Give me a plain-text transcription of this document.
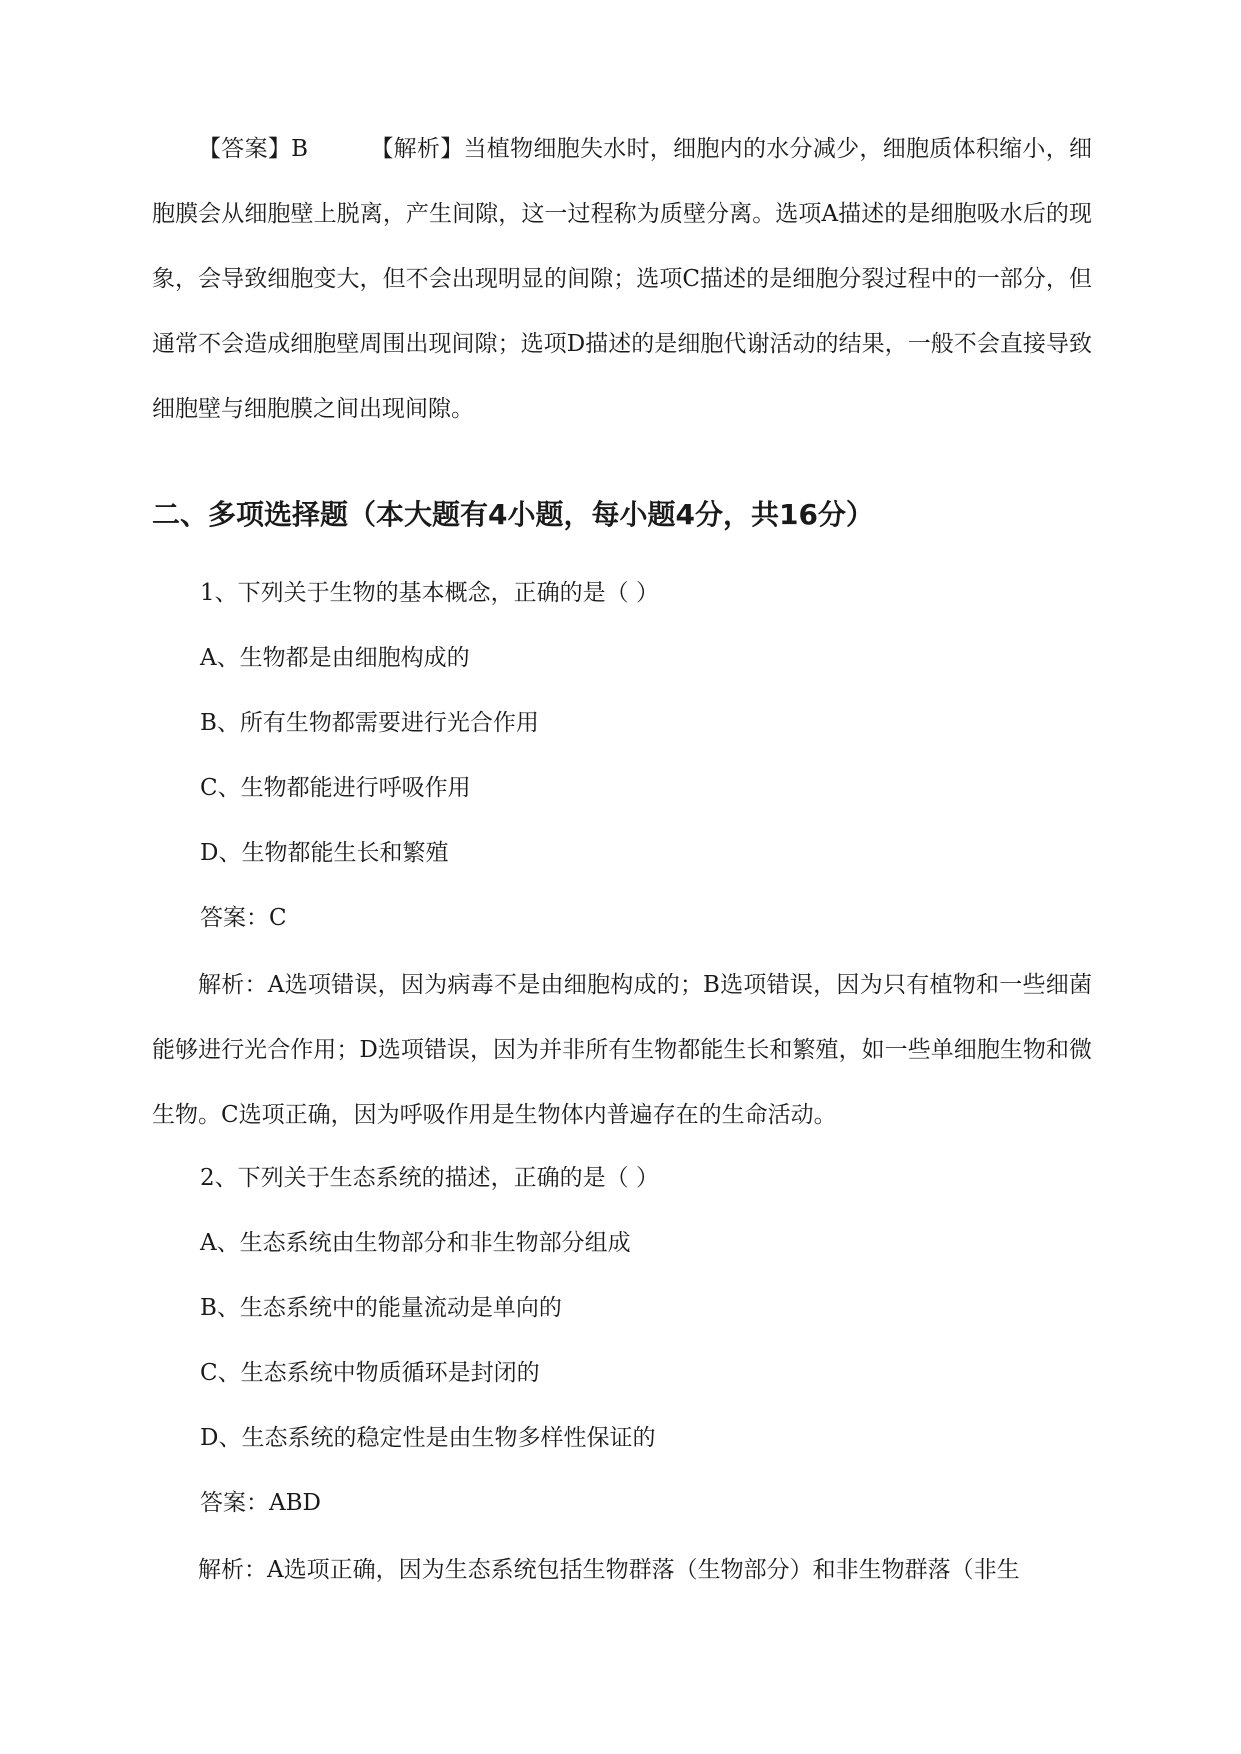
【答案】B	【解析】当植物细胞失水时，细胞内的水分减少，细胞质体积缩小，细胞膜会从细胞壁上脱离，产生间隙，这一过程称为质壁分离。选项A描述的是细胞吸水后的现象，会导致细胞变大，但不会出现明显的间隙；选项C描述的是细胞分裂过程中的一部分，但通常不会造成细胞壁周围出现间隙；选项D描述的是细胞代谢活动的结果，一般不会直接导致细胞壁与细胞膜之间出现间隙。

二、多项选择题（本大题有4小题，每小题4分，共16分）

1、下列关于生物的基本概念，正确的是（ ）

A、生物都是由细胞构成的

B、所有生物都需要进行光合作用

C、生物都能进行呼吸作用

D、生物都能生长和繁殖

答案：C

解析：A选项错误，因为病毒不是由细胞构成的；B选项错误，因为只有植物和一些细菌能够进行光合作用；D选项错误，因为并非所有生物都能生长和繁殖，如一些单细胞生物和微生物。C选项正确，因为呼吸作用是生物体内普遍存在的生命活动。

2、下列关于生态系统的描述，正确的是（ ）

A、生态系统由生物部分和非生物部分组成

B、生态系统中的能量流动是单向的

C、生态系统中物质循环是封闭的

D、生态系统的稳定性是由生物多样性保证的

答案：ABD

解析：A选项正确，因为生态系统包括生物群落（生物部分）和非生物群落（非生
